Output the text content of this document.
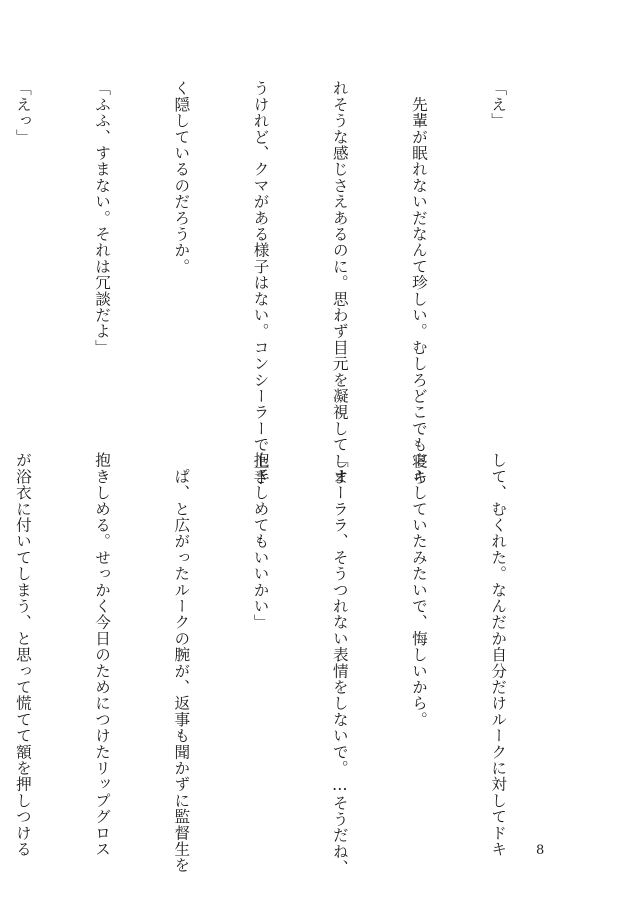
「え」

　先輩が眠れないだなんて珍しい。むしろどこでも寝ら

れそうな感じさえあるのに。思わず目元を凝視してしま

うけれど、クマがある様子はない。コンシーラーで上手

く隠しているのだろうか。

「ふふ、すまない。それは冗談だよ」

「えっ」

して、むくれた。なんだか自分だけルークに対してドキ

ドキしていたみたいで、悔しいから。

「オーララ、そうつれない表情をしないで。…そうだね、

抱きしめてもいいかい」

　ぱ、と広がったルークの腕が、返事も聞かずに監督生を

抱きしめる。せっかく今日のためにつけたリップグロス

が浴衣に付いてしまう、と思って慌てて額を押しつける

	8
